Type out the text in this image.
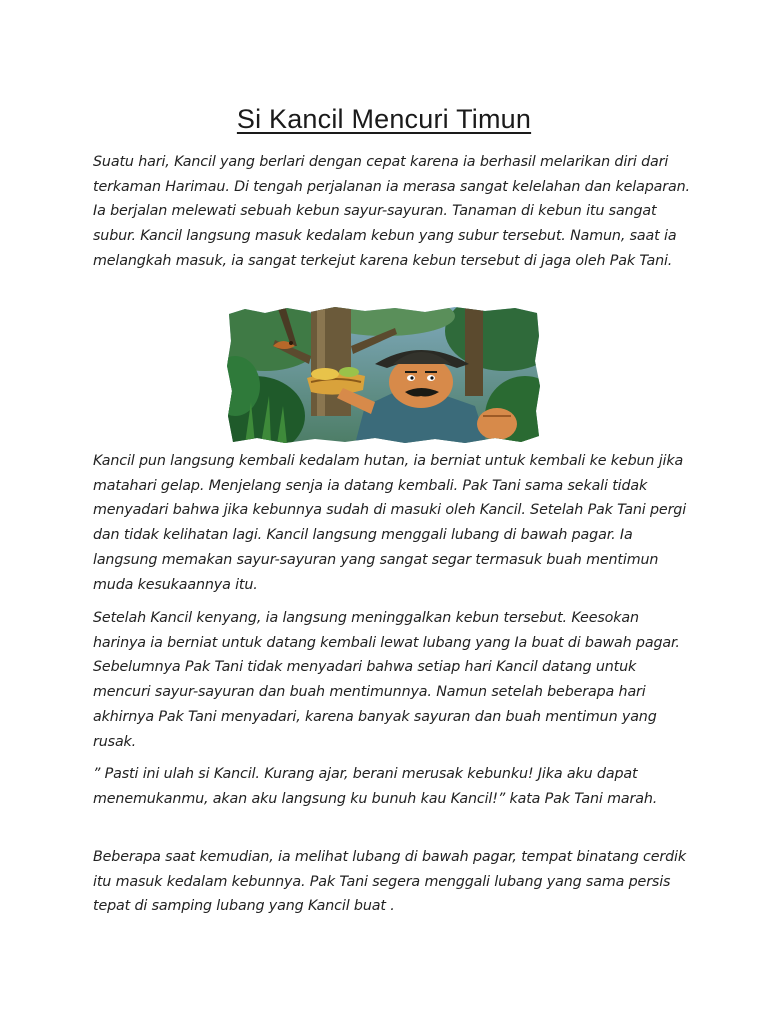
Si Kancil Mencuri Timun

Suatu hari, Kancil yang berlari dengan cepat karena ia berhasil melarikan diri dari terkaman Harimau. Di tengah perjalanan ia merasa sangat kelelahan dan kelaparan. Ia berjalan melewati sebuah kebun sayur-sayuran. Tanaman di kebun itu sangat subur. Kancil langsung masuk kedalam kebun yang subur tersebut. Namun, saat ia melangkah masuk, ia sangat terkejut karena kebun tersebut di jaga oleh Pak Tani.

Kancil pun langsung kembali kedalam hutan, ia berniat untuk kembali ke kebun jika matahari gelap. Menjelang senja ia datang kembali. Pak Tani sama sekali tidak menyadari bahwa jika kebunnya sudah di masuki oleh Kancil. Setelah Pak Tani pergi dan tidak kelihatan lagi. Kancil langsung menggali lubang di bawah pagar. Ia langsung memakan sayur-sayuran yang sangat segar termasuk buah mentimun muda kesukaannya itu.

Setelah Kancil kenyang, ia langsung meninggalkan kebun tersebut. Keesokan harinya ia berniat untuk datang kembali lewat lubang yang Ia buat di bawah pagar. Sebelumnya Pak Tani tidak menyadari bahwa setiap hari Kancil datang untuk mencuri sayur-sayuran dan buah mentimunnya. Namun setelah beberapa hari akhirnya Pak Tani menyadari, karena banyak sayuran dan buah mentimun yang rusak.

” Pasti ini ulah si Kancil. Kurang ajar, berani merusak kebunku! Jika aku dapat menemukanmu, akan aku langsung ku bunuh kau Kancil!” kata Pak Tani marah.

Beberapa saat kemudian, ia melihat lubang di bawah pagar, tempat binatang cerdik itu masuk kedalam kebunnya. Pak Tani segera menggali lubang yang sama persis tepat di samping lubang yang Kancil buat .
